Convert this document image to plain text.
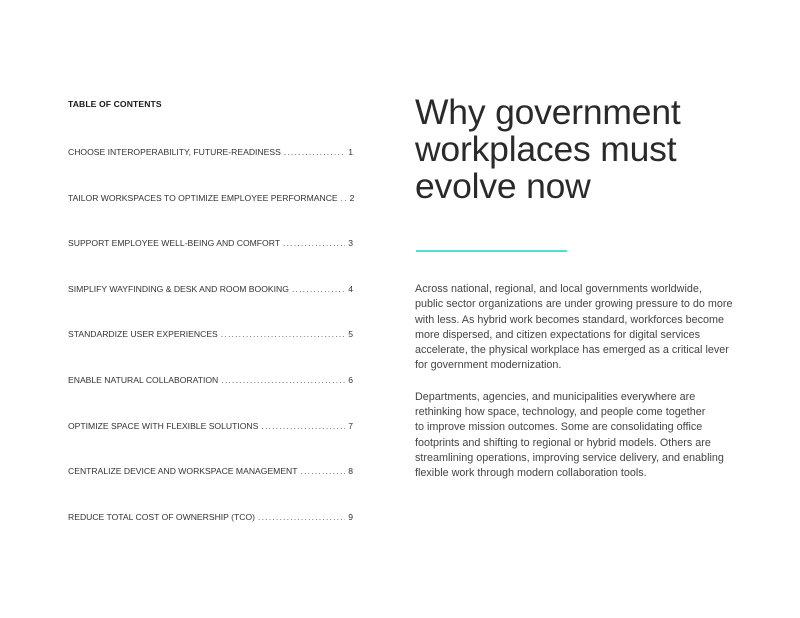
TABLE OF CONTENTS
CHOOSE INTEROPERABILITY, FUTURE-READINESS . . .	1
TAILOR WORKSPACES TO OPTIMIZE EMPLOYEE PERFORMANCE . . . 2
SUPPORT EMPLOYEE WELL-BEING AND COMFORT . . .	3
SIMPLIFY WAYFINDING & DESK AND ROOM BOOKING . . .	4
STANDARDIZE USER EXPERIENCES . . .	5
ENABLE NATURAL COLLABORATION . . .	6
OPTIMIZE SPACE WITH FLEXIBLE SOLUTIONS . . .	7
CENTRALIZE DEVICE AND WORKSPACE MANAGEMENT . . .	8
REDUCE TOTAL COST OF OWNERSHIP (TCO) . . .	9
Why government
workplaces must
evolve now

Across national, regional, and local governments worldwide,
public sector organizations are under growing pressure to do more
with less. As hybrid work becomes standard, workforces become
more dispersed, and citizen expectations for digital services
accelerate, the physical workplace has emerged as a critical lever
for government modernization.

Departments, agencies, and municipalities everywhere are
rethinking how space, technology, and people come together
to improve mission outcomes. Some are consolidating office
footprints and shifting to regional or hybrid models. Others are
streamlining operations, improving service delivery, and enabling
flexible work through modern collaboration tools.
